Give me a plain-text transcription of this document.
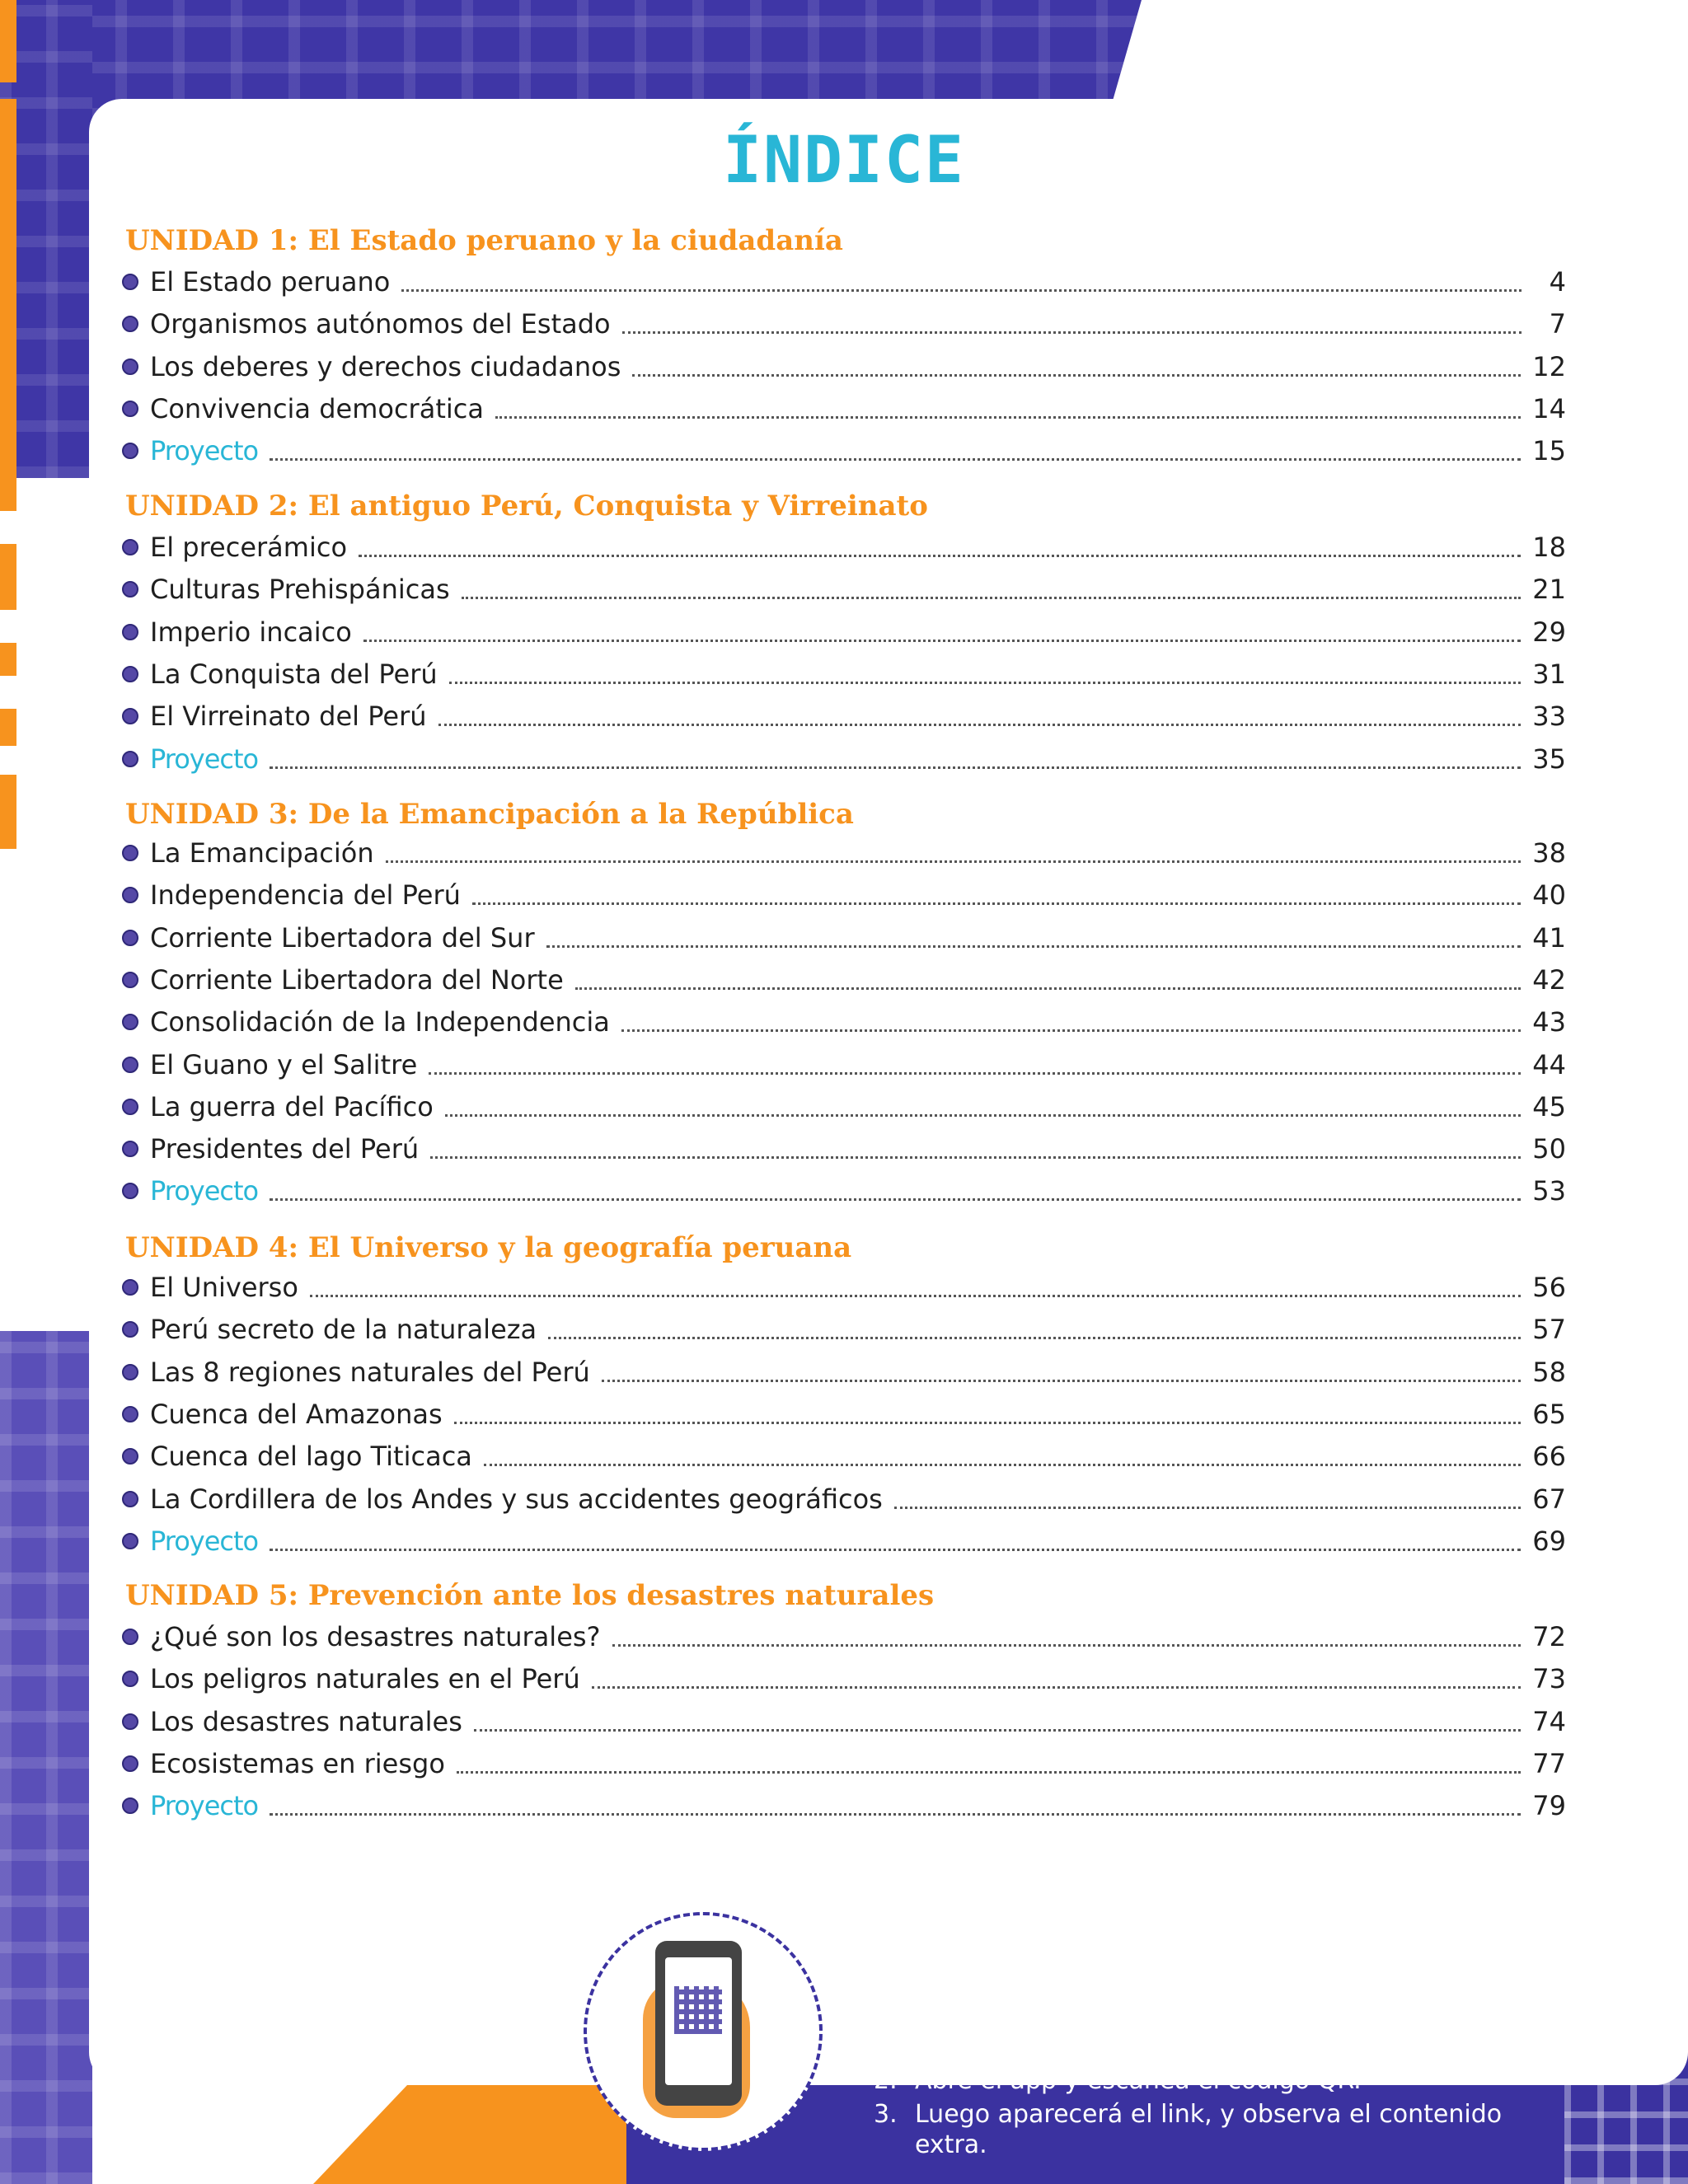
ÍNDICE
UNIDAD 1: El Estado peruano y la ciudadanía
El Estado peruano	4
Organismos autónomos del Estado	7
Los deberes y derechos ciudadanos	12
Convivencia democrática	14
Proyecto	15
UNIDAD 2: El antiguo Perú, Conquista y Virreinato
El precerámico	18
Culturas Prehispánicas	21
Imperio incaico	29
La Conquista del Perú	31
El Virreinato del Perú	33
Proyecto	35
UNIDAD 3: De la Emancipación a la República
La Emancipación	38
Independencia del Perú	40
Corriente Libertadora del Sur	41
Corriente Libertadora del Norte	42
Consolidación de la Independencia	43
El Guano y el Salitre	44
La guerra del Pacífico	45
Presidentes del Perú	50
Proyecto	53
UNIDAD 4: El Universo y la geografía peruana
El Universo	56
Perú secreto de la naturaleza	57
Las 8 regiones naturales del Perú	58
Cuenca del Amazonas	65
Cuenca del lago Titicaca	66
La Cordillera de los Andes y sus accidentes geográficos	67
Proyecto	69
UNIDAD 5: Prevención ante los desastres naturales
¿Qué son los desastres naturales?	72
Los peligros naturales en el Perú	73
Los desastres naturales	74
Ecosistemas en riesgo	77
Proyecto	79
1. En tu celular o tablet descarga el lector QR de tu preferencia.
2. Abre el app y escanea el código QR.
3. Luego aparecerá el link, y observa el contenido extra.
